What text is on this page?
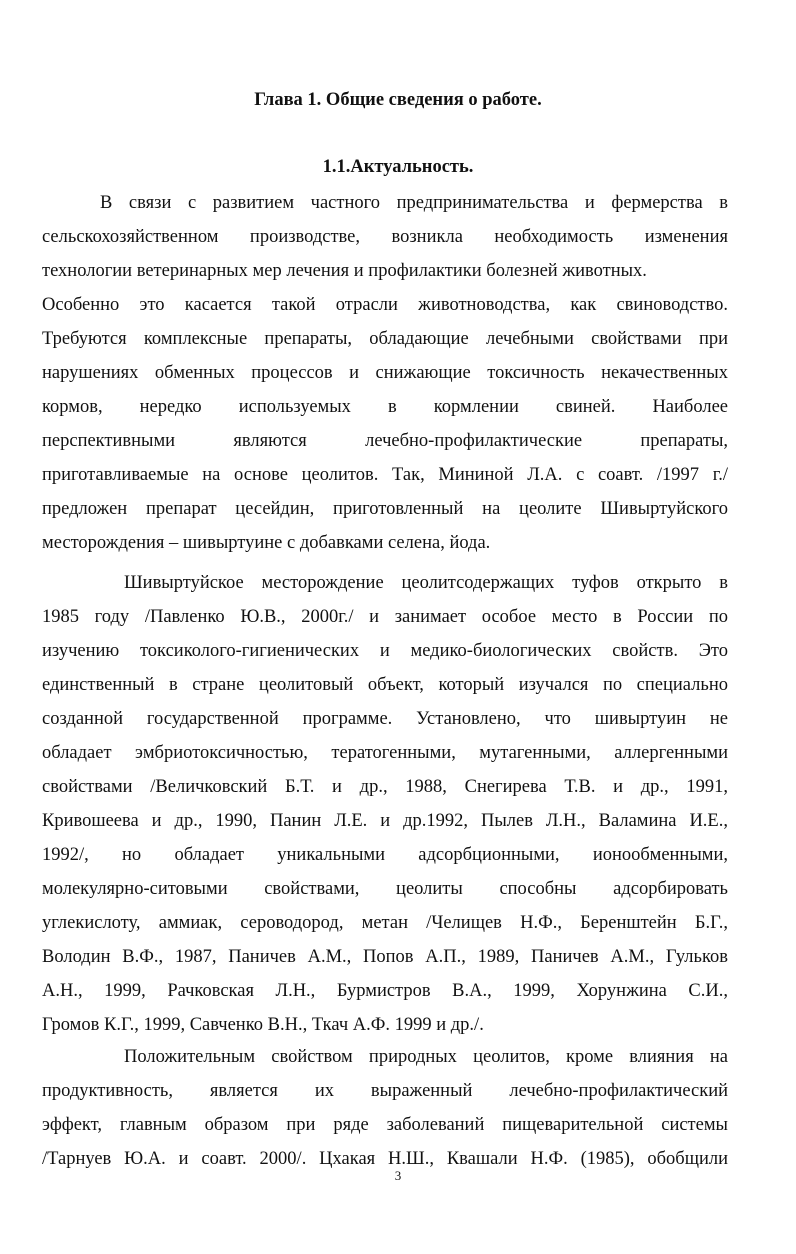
Глава 1. Общие сведения о работе.
1.1.Актуальность.
В связи с развитием частного предпринимательства и фермерства в
сельскохозяйственном производстве, возникла необходимость изменения
технологии ветеринарных мер лечения и профилактики болезней животных.
Особенно это касается такой отрасли животноводства, как свиноводство.
Требуются комплексные препараты, обладающие лечебными свойствами при
нарушениях обменных процессов и снижающие токсичность некачественных
кормов, нередко используемых в кормлении свиней. Наиболее
перспективными являются лечебно-профилактические препараты,
приготавливаемые на основе цеолитов. Так, Мининой Л.А. с соавт. /1997 г./
предложен препарат цесейдин, приготовленный на цеолите Шивыртуйского
месторождения – шивыртуине с добавками селена, йода.
Шивыртуйское месторождение цеолитсодержащих туфов открыто в
1985 году /Павленко Ю.В., 2000г./ и занимает особое место в России по
изучению токсиколого-гигиенических и медико-биологических свойств. Это
единственный в стране цеолитовый объект, который изучался по специально
созданной государственной программе. Установлено, что шивыртуин не
обладает эмбриотоксичностью, тератогенными, мутагенными, аллергенными
свойствами /Величковский Б.Т. и др., 1988, Снегирева Т.В. и др., 1991,
Кривошеева и др., 1990, Панин Л.Е. и др.1992, Пылев Л.Н., Валамина И.Е.,
1992/, но обладает уникальными адсорбционными, ионообменными,
молекулярно-ситовыми свойствами, цеолиты способны адсорбировать
углекислоту, аммиак, сероводород, метан /Челищев Н.Ф., Беренштейн Б.Г.,
Володин В.Ф., 1987, Паничев А.М., Попов А.П., 1989, Паничев А.М., Гульков
А.Н., 1999, Рачковская Л.Н., Бурмистров В.А., 1999, Хорунжина С.И.,
Громов К.Г., 1999, Савченко В.Н., Ткач А.Ф. 1999 и др./.
Положительным свойством природных цеолитов, кроме влияния на
продуктивность, является их выраженный лечебно-профилактический
эффект, главным образом при ряде заболеваний пищеварительной системы
/Тарнуев Ю.А. и соавт. 2000/. Цхакая Н.Ш., Квашали Н.Ф. (1985), обобщили
3
